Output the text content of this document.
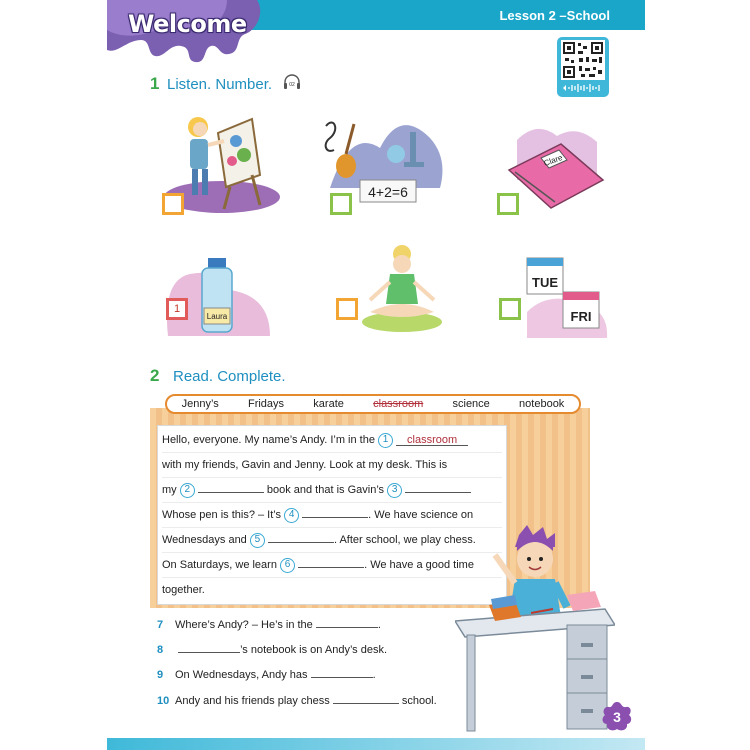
Welcome	Lesson 2 –School
1 Listen. Number.	02
4+2=6
Clare
Laura
1
TUE
FRI
2 Read. Complete.
Jenny’s	Fridays	karate	classroom	science	notebook
Hello, everyone. My name’s Andy. I’m in the 1 classroom
with my friends, Gavin and Jenny. Look at my desk. This is
my 2	book and that is Gavin’s 3
Whose pen is this? – It’s 4	. We have science on
Wednesdays and 5	. After school, we play chess.
On Saturdays, we learn 6	. We have a good time
together.
7 Where’s Andy? – He’s in the	.
8	’s notebook is on Andy’s desk.
9 On Wednesdays, Andy has	.
10 Andy and his friends play chess	school.
3
